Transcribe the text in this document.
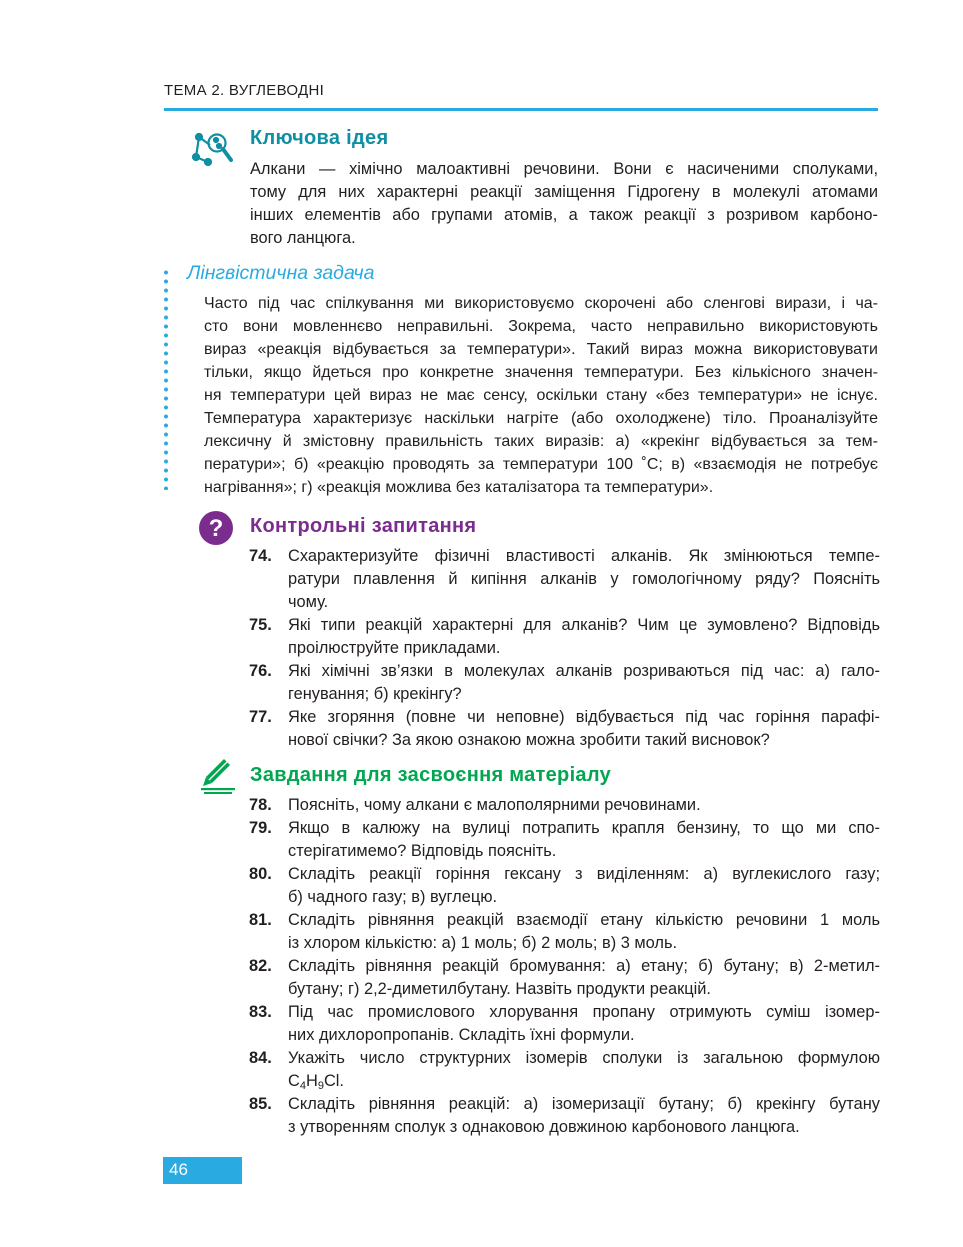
ТЕМА 2. ВУГЛЕВОДНІ
Ключова ідея
Алкани — хімічно малоактивні речовини. Вони є насиченими сполуками,
тому для них характерні реакції заміщення Гідрогену в молекулі атомами
інших елементів або групами атомів, а також реакції з розривом карбоно-
вого ланцюга.
Лінгвістична задача
Часто під час спілкування ми використовуємо скорочені або сленгові вирази, і ча-
сто вони мовленнєво неправильні. Зокрема, часто неправильно використовують
вираз «реакція відбувається за температури». Такий вираз можна використовувати
тільки, якщо йдеться про конкретне значення температури. Без кількісного значен-
ня температури цей вираз не має сенсу, оскільки стану «без температури» не існує.
Температура характеризує наскільки нагріте (або охолоджене) тіло. Проаналізуйте
лексичну й змістовну правильність таких виразів: а) «крекінг відбувається за тем-
ператури»; б) «реакцію проводять за температури 100 ˚С; в) «взаємодія не потребує
нагрівання»; г) «реакція можлива без каталізатора та температури».
? Контрольні запитання
74. Схарактеризуйте фізичні властивості алканів. Як змінюються темпе-
ратури плавлення й кипіння алканів у гомологічному ряду? Поясніть
чому.
75. Які типи реакцій характерні для алканів? Чим це зумовлено? Відповідь
проілюструйте прикладами.
76. Які хімічні зв’язки в молекулах алканів розриваються під час: а) гало-
генування; б) крекінгу?
77. Яке згоряння (повне чи неповне) відбувається під час горіння парафі-
нової свічки? За якою ознакою можна зробити такий висновок?
Завдання для засвоєння матеріалу
78. Поясніть, чому алкани є малополярними речовинами.
79. Якщо в калюжу на вулиці потрапить крапля бензину, то що ми спо-
стерігатимемо? Відповідь поясніть.
80. Складіть реакції горіння гексану з виділенням: а) вуглекислого газу;
б) чадного газу; в) вуглецю.
81. Складіть рівняння реакцій взаємодії етану кількістю речовини 1 моль
із хлором кількістю: а) 1 моль; б) 2 моль; в) 3 моль.
82. Складіть рівняння реакцій бромування: а) етану; б) бутану; в) 2-метил-
бутану; г) 2,2-диметилбутану. Назвіть продукти реакцій.
83. Під час промислового хлорування пропану отримують суміш ізомер-
них дихлоропропанів. Складіть їхні формули.
84. Укажіть число структурних ізомерів сполуки із загальною формулою
$C_4H_9Cl$.
85. Складіть рівняння реакцій: а) ізомеризації бутану; б) крекінгу бутану
з утворенням сполук з однаковою довжиною карбонового ланцюга.
46
